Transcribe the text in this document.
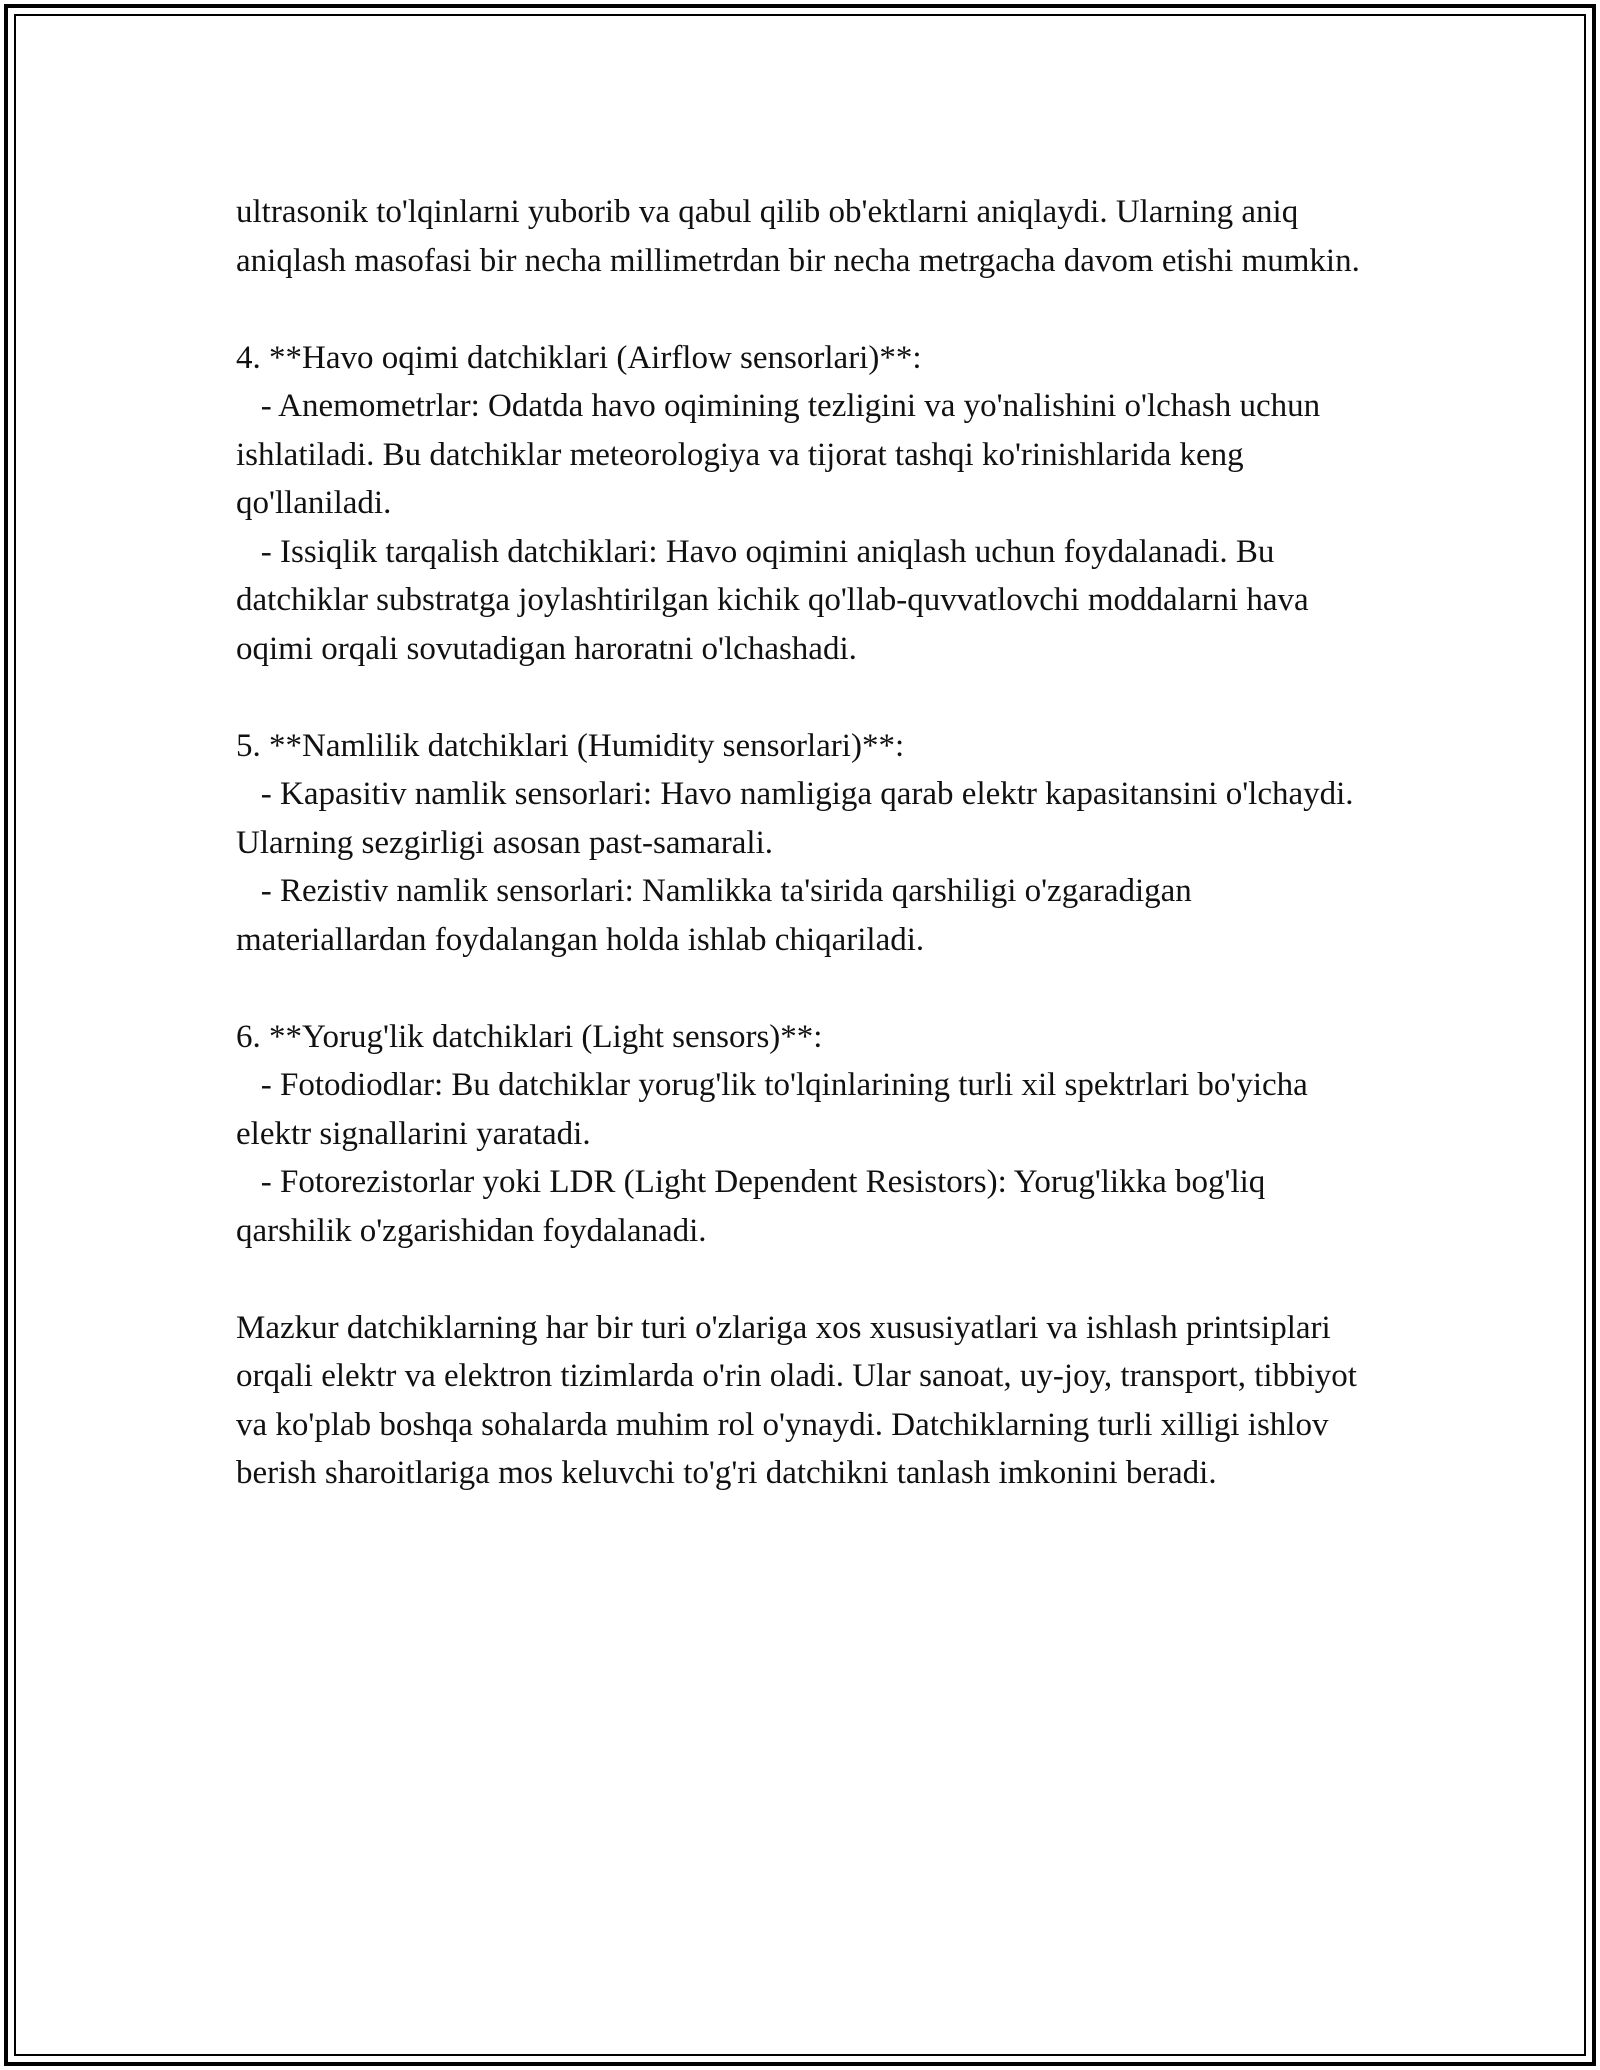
ultrasonik to'lqinlarni yuborib va qabul qilib ob'ektlarni aniqlaydi. Ularning aniq aniqlash masofasi bir necha millimetrdan bir necha metrgacha davom etishi mumkin.

4. **Havo oqimi datchiklari (Airflow sensorlari)**:

- Anemometrlar: Odatda havo oqimining tezligini va yo'nalishini o'lchash uchun ishlatiladi. Bu datchiklar meteorologiya va tijorat tashqi ko'rinishlarida keng qo'llaniladi.

- Issiqlik tarqalish datchiklari: Havo oqimini aniqlash uchun foydalanadi. Bu datchiklar substratga joylashtirilgan kichik qo'llab-quvvatlovchi moddalarni hava oqimi orqali sovutadigan haroratni o'lchashadi.

5. **Namlilik datchiklari (Humidity sensorlari)**:

- Kapasitiv namlik sensorlari: Havo namligiga qarab elektr kapasitansini o'lchaydi. Ularning sezgirligi asosan past-samarali.

- Rezistiv namlik sensorlari: Namlikka ta'sirida qarshiligi o'zgaradigan materiallardan foydalangan holda ishlab chiqariladi.

6. **Yorug'lik datchiklari (Light sensors)**:

- Fotodiodlar: Bu datchiklar yorug'lik to'lqinlarining turli xil spektrlari bo'yicha elektr signallarini yaratadi.

- Fotorezistorlar yoki LDR (Light Dependent Resistors): Yorug'likka bog'liq qarshilik o'zgarishidan foydalanadi.

Mazkur datchiklarning har bir turi o'zlariga xos xususiyatlari va ishlash printsiplari orqali elektr va elektron tizimlarda o'rin oladi. Ular sanoat, uy-joy, transport, tibbiyot va ko'plab boshqa sohalarda muhim rol o'ynaydi. Datchiklarning turli xilligi ishlov berish sharoitlariga mos keluvchi to'g'ri datchikni tanlash imkonini beradi.
